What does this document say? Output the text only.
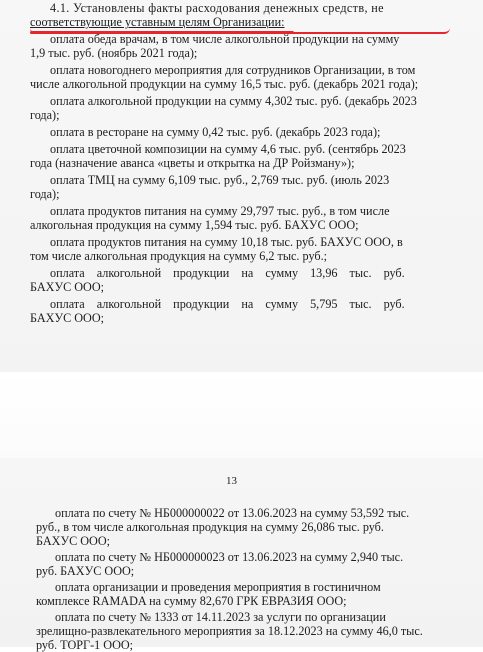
4.1. Установлены факты расходования денежных средств, не
соответствующие уставным целям Организации:
оплата обеда врачам, в том числе алкогольной продукции на сумму
1,9 тыс. руб. (ноябрь 2021 года);
оплата новогоднего мероприятия для сотрудников Организации, в том
числе алкогольной продукции на сумму 16,5 тыс. руб. (декабрь 2021 года);
оплата алкогольной продукции на сумму 4,302 тыс. руб. (декабрь 2023
года);
оплата в ресторане на сумму 0,42 тыс. руб. (декабрь 2023 года);
оплата цветочной композиции на сумму 4,6 тыс. руб. (сентябрь 2023
года (назначение аванса «цветы и открытка на ДР Ройзману»);
оплата ТМЦ на сумму 6,109 тыс. руб., 2,769 тыс. руб. (июль 2023
года);
оплата продуктов питания на сумму 29,797 тыс. руб., в том числе
алкогольная продукция на сумму 1,594 тыс. руб. БАХУС ООО;
оплата продуктов питания на сумму 10,18 тыс. руб. БАХУС ООО, в
том числе алкогольная продукция на сумму 6,2 тыс. руб.;
оплата алкогольной продукции на сумму 13,96 тыс. руб.
БАХУС ООО;
оплата алкогольной продукции на сумму 5,795 тыс. руб.
БАХУС ООО;
13
оплата по счету № НБ000000022 от 13.06.2023 на сумму 53,592 тыс.
руб., в том числе алкогольная продукция на сумму 26,086 тыс. руб.
БАХУС ООО;
оплата по счету № НБ000000023 от 13.06.2023 на сумму 2,940 тыс.
руб. БАХУС ООО;
оплата организации и проведения мероприятия в гостиничном
комплексе RAMADA на сумму 82,670 ГРК ЕВРАЗИЯ ООО;
оплата по счету № 1333 от 14.11.2023 за услуги по организации
зрелищно-развлекательного мероприятия за 18.12.2023 на сумму 46,0 тыс.
руб. ТОРГ-1 ООО;
